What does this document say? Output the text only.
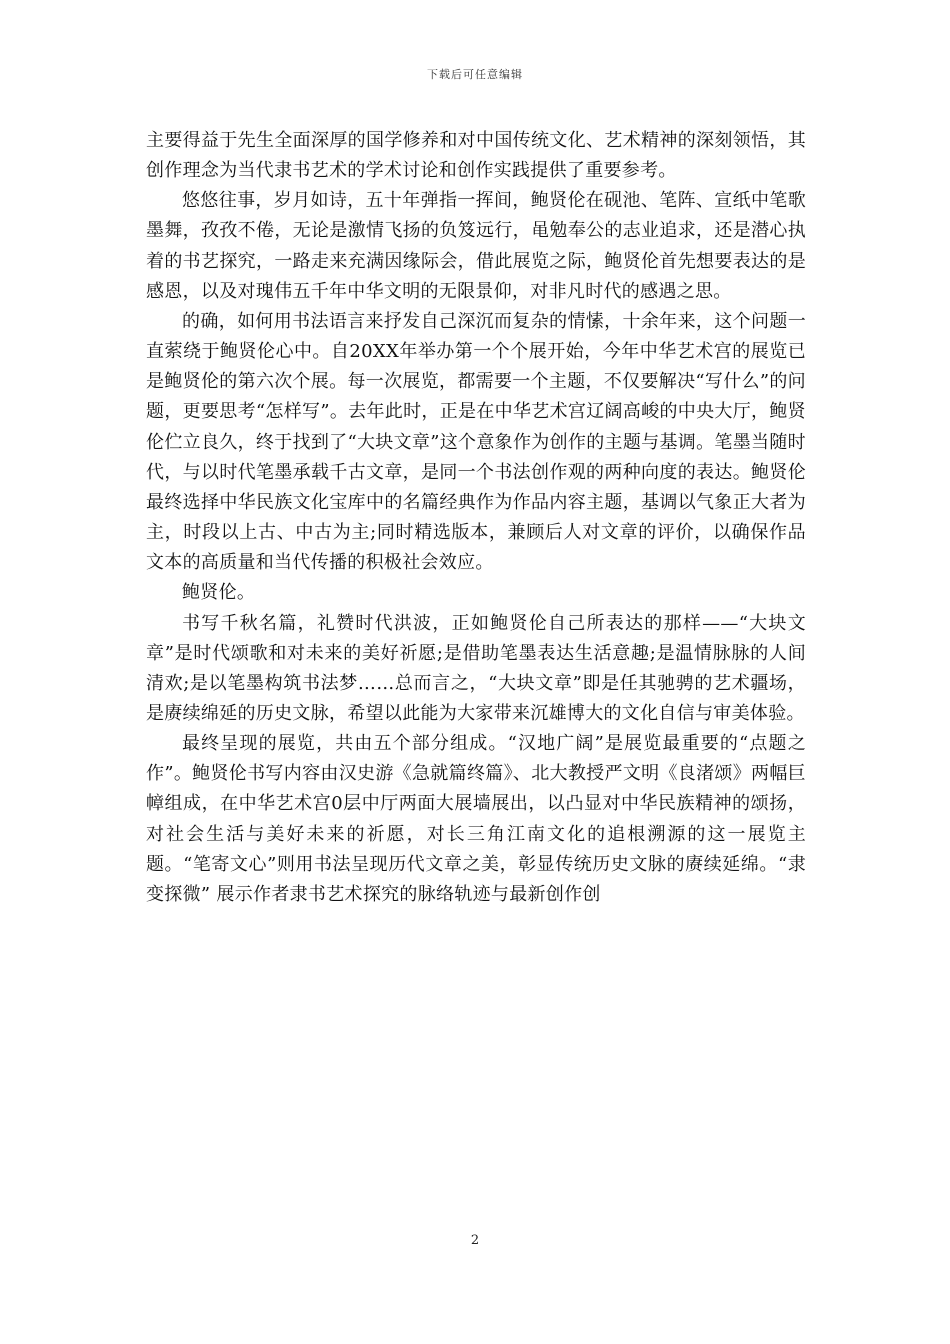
下载后可任意编辑

主要得益于先生全面深厚的国学修养和对中国传统文化、艺术精神的深刻领悟，其创作理念为当代隶书艺术的学术讨论和创作实践提供了重要参考。

悠悠往事，岁月如诗，五十年弹指一挥间，鲍贤伦在砚池、笔阵、宣纸中笔歌墨舞，孜孜不倦，无论是激情飞扬的负笈远行，黾勉奉公的志业追求，还是潜心执着的书艺探究，一路走来充满因缘际会，借此展览之际，鲍贤伦首先想要表达的是感恩，以及对瑰伟五千年中华文明的无限景仰，对非凡时代的感遇之思。

的确，如何用书法语言来抒发自己深沉而复杂的情愫，十余年来，这个问题一直萦绕于鲍贤伦心中。自20XX年举办第一个个展开始，今年中华艺术宫的展览已是鲍贤伦的第六次个展。每一次展览，都需要一个主题，不仅要解决“写什么”的问题，更要思考“怎样写”。去年此时，正是在中华艺术宫辽阔高峻的中央大厅，鲍贤伦伫立良久，终于找到了“大块文章”这个意象作为创作的主题与基调。笔墨当随时代，与以时代笔墨承载千古文章，是同一个书法创作观的两种向度的表达。鲍贤伦最终选择中华民族文化宝库中的名篇经典作为作品内容主题，基调以气象正大者为主，时段以上古、中古为主;同时精选版本，兼顾后人对文章的评价，以确保作品文本的高质量和当代传播的积极社会效应。

鲍贤伦。

书写千秋名篇，礼赞时代洪波，正如鲍贤伦自己所表达的那样——“大块文章”是时代颂歌和对未来的美好祈愿;是借助笔墨表达生活意趣;是温情脉脉的人间清欢;是以笔墨构筑书法梦……总而言之，“大块文章”即是任其驰骋的艺术疆场，是赓续绵延的历史文脉，希望以此能为大家带来沉雄博大的文化自信与审美体验。

最终呈现的展览，共由五个部分组成。“汉地广阔”是展览最重要的“点题之作”。鲍贤伦书写内容由汉史游《急就篇终篇》、北大教授严文明《良渚颂》两幅巨幛组成，在中华艺术宫0层中厅两面大展墙展出，以凸显对中华民族精神的颂扬，对社会生活与美好未来的祈愿，对长三角江南文化的追根溯源的这一展览主题。“笔寄文心”则用书法呈现历代文章之美，彰显传统历史文脉的赓续延绵。“隶变探微” 展示作者隶书艺术探究的脉络轨迹与最新创作创

2
